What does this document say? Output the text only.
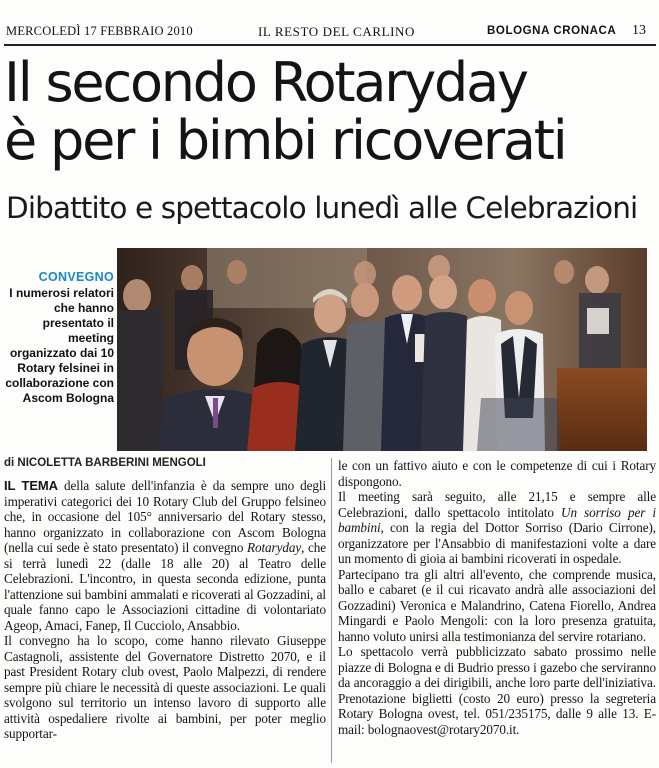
MERCOLEDÌ 17 FEBBRAIO 2010	IL RESTO DEL CARLINO	BOLOGNA CRONACA 13
Il secondo Rotaryday
è per i bimbi ricoverati
Dibattito e spettacolo lunedì alle Celebrazioni
CONVEGNO
I numerosi relatori che hanno presentato il meeting organizzato dai 10 Rotary felsinei in collaborazione con Ascom Bologna
di NICOLETTA BARBERINI MENGOLI

IL TEMA della salute dell'infanzia è da sempre uno degli imperativi categorici dei 10 Rotary Club del Gruppo felsineo che, in occasione del 105° anniversario del Rotary stesso, hanno organizzato in collaborazione con Ascom Bologna (nella cui sede è stato presentato) il convegno Rotaryday, che si terrà lunedì 22 (dalle 18 alle 20) al Teatro delle Celebrazioni. L'incontro, in questa seconda edizione, punta l'attenzione sui bambini ammalati e ricoverati al Gozzadini, al quale fanno capo le Associazioni cittadine di volontariato Ageop, Amaci, Fanep, Il Cucciolo, Ansabbio.

Il convegno ha lo scopo, come hanno rilevato Giuseppe Castagnoli, assistente del Governatore Distretto 2070, e il past President Rotary club ovest, Paolo Malpezzi, di rendere sempre più chiare le necessità di queste associazioni. Le quali svolgono sul territorio un intenso lavoro di supporto alle attività ospedaliere rivolte ai bambini, per poter meglio supportar-

le con un fattivo aiuto e con le competenze di cui i Rotary dispongono.

Il meeting sarà seguito, alle 21,15 e sempre alle Celebrazioni, dallo spettacolo intitolato Un sorriso per i bambini, con la regia del Dottor Sorriso (Dario Cirrone), organizzatore per l'Ansabbio di manifestazioni volte a dare un momento di gioia ai bambini ricoverati in ospedale.

Partecipano tra gli altri all'evento, che comprende musica, ballo e cabaret (e il cui ricavato andrà alle associazioni del Gozzadini) Veronica e Malandrino, Catena Fiorello, Andrea Mingardi e Paolo Mengoli: con la loro presenza gratuita, hanno voluto unirsi alla testimonianza del servire rotariano.

Lo spettacolo verrà pubblicizzato sabato prossimo nelle piazze di Bologna e di Budrio presso i gazebo che serviranno da ancoraggio a dei dirigibili, anche loro parte dell'iniziativa. Prenotazione biglietti (costo 20 euro) presso la segreteria Rotary Bologna ovest, tel. 051/235175, dalle 9 alle 13. E-mail: bolognaovest@rotary2070.it.
